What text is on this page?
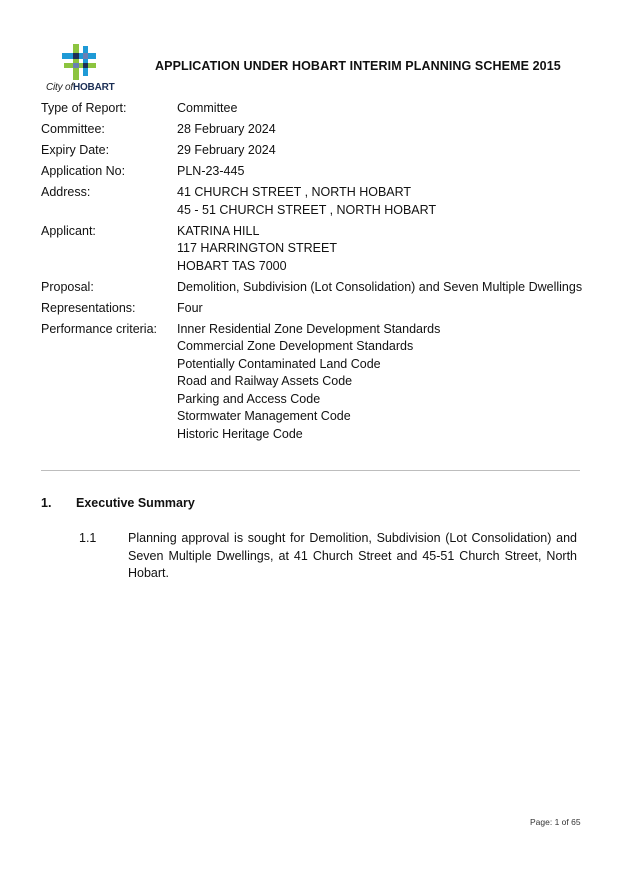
City ofHOBART
APPLICATION UNDER HOBART INTERIM PLANNING SCHEME 2015
Type of Report:	Committee
Committee:	28 February 2024
Expiry Date:	29 February 2024
Application No:	PLN-23-445
Address:	41 CHURCH STREET , NORTH HOBART
45 - 51 CHURCH STREET , NORTH HOBART
Applicant:	KATRINA HILL
117 HARRINGTON STREET
HOBART TAS 7000
Proposal:	Demolition, Subdivision (Lot Consolidation) and Seven Multiple Dwellings
Representations:	Four
Performance criteria:	Inner Residential Zone Development Standards
Commercial Zone Development Standards
Potentially Contaminated Land Code
Road and Railway Assets Code
Parking and Access Code
Stormwater Management Code
Historic Heritage Code
1.	Executive Summary
1.1	Planning approval is sought for Demolition, Subdivision (Lot Consolidation) and Seven Multiple Dwellings, at 41 Church Street and 45-51 Church Street, North Hobart.
Page: 1 of 65
